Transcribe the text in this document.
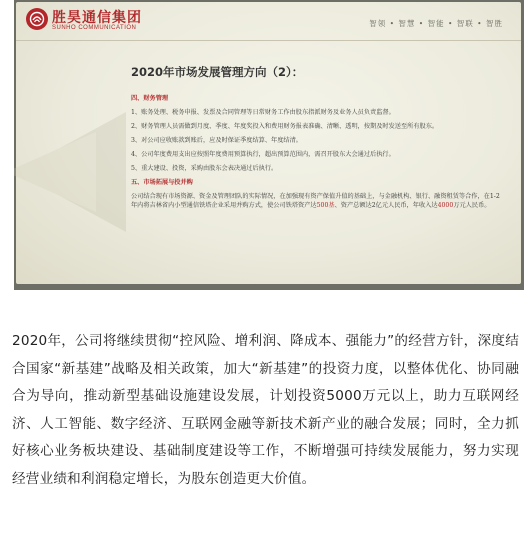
胜昊通信集团
SUNHO COMMUNICATION	智领 • 智慧 • 智能 • 智联 • 智胜
2020年市场发展管理方向（2）：
四、财务管理
1、账务处理、税务申报、发票及合同管理等日常财务工作由股东指派财务及业务人员负责监督。
2、财务管理人员需做到月度、季度、年度奖投入和费用财务报表准确、清晰、透明，按期及时发送至所有股东。
3、对公司应收账款到账后，应及时保证季度结算、年度结清。
4、公司年度费用支出应按照年度费用预算执行，超出预算范围内，需召开股东大会通过后执行。
5、重大建设、投资，采购由股东会表决通过后执行。
五、市场拓展与投并购
公司结合现有市场资源、资金及管理团队的实际情况，在加强现有资产保值升值的基础上，与金融机构、银行、融资租赁等合作，在1-2年内将吉林省内小型通信铁塔企业采用并购方式，使公司铁塔资产达500基、资产总额达2亿元人民币，年收入达4000万元人民币。
2020年，公司将继续贯彻“控风险、增利润、降成本、强能力”的经营方针，深度结合国家“新基建”战略及相关政策，加大“新基建”的投资力度，以整体优化、协同融合为导向，推动新型基础设施建设发展，计划投资5000万元以上，助力互联网经济、人工智能、数字经济、互联网金融等新技术新产业的融合发展；同时，全力抓好核心业务板块建设、基础制度建设等工作，不断增强可持续发展能力，努力实现经营业绩和利润稳定增长，为股东创造更大价值。
